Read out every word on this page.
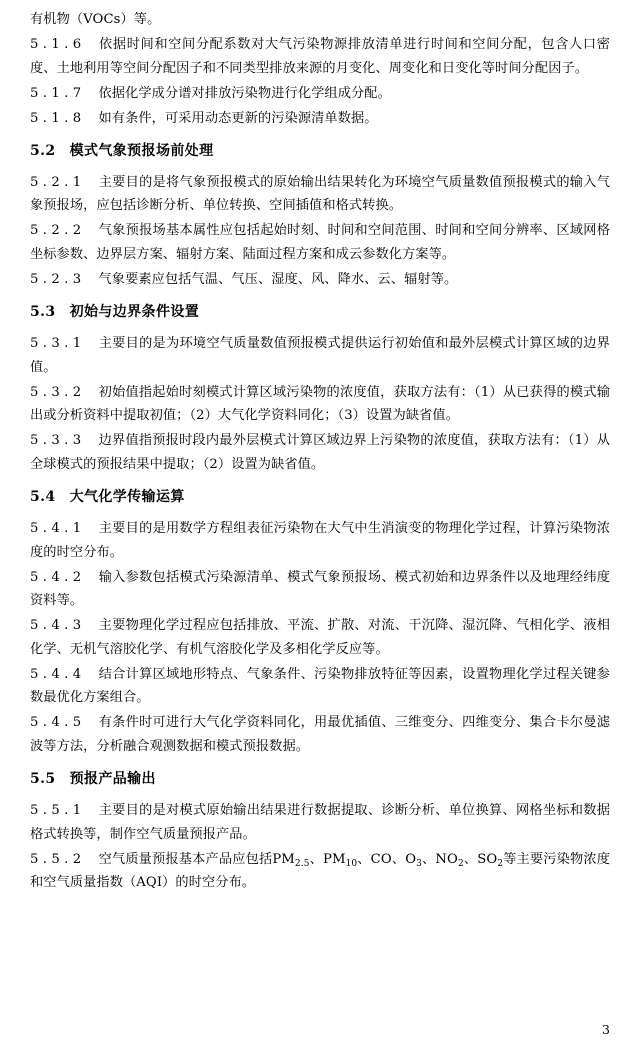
有机物（VOCs）等。
5 . 1 . 6　依据时间和空间分配系数对大气污染物源排放清单进行时间和空间分配，包含人口密度、土地利用等空间分配因子和不同类型排放来源的月变化、周变化和日变化等时间分配因子。
5 . 1 . 7　依据化学成分谱对排放污染物进行化学组成分配。
5 . 1 . 8　如有条件，可采用动态更新的污染源清单数据。
5.2 模式气象预报场前处理
5 . 2 . 1　主要目的是将气象预报模式的原始输出结果转化为环境空气质量数值预报模式的输入气象预报场，应包括诊断分析、单位转换、空间插值和格式转换。
5 . 2 . 2　气象预报场基本属性应包括起始时刻、时间和空间范围、时间和空间分辨率、区域网格坐标参数、边界层方案、辐射方案、陆面过程方案和成云参数化方案等。
5 . 2 . 3　气象要素应包括气温、气压、湿度、风、降水、云、辐射等。
5.3 初始与边界条件设置
5 . 3 . 1　主要目的是为环境空气质量数值预报模式提供运行初始值和最外层模式计算区域的边界值。
5 . 3 . 2　初始值指起始时刻模式计算区域污染物的浓度值，获取方法有：（1）从已获得的模式输出或分析资料中提取初值；（2）大气化学资料同化；（3）设置为缺省值。
5 . 3 . 3　边界值指预报时段内最外层模式计算区域边界上污染物的浓度值，获取方法有：（1）从全球模式的预报结果中提取；（2）设置为缺省值。
5.4 大气化学传输运算
5 . 4 . 1　主要目的是用数学方程组表征污染物在大气中生消演变的物理化学过程，计算污染物浓度的时空分布。
5 . 4 . 2　输入参数包括模式污染源清单、模式气象预报场、模式初始和边界条件以及地理经纬度资料等。
5 . 4 . 3　主要物理化学过程应包括排放、平流、扩散、对流、干沉降、湿沉降、气相化学、液相化学、无机气溶胶化学、有机气溶胶化学及多相化学反应等。
5 . 4 . 4　结合计算区域地形特点、气象条件、污染物排放特征等因素，设置物理化学过程关键参数最优化方案组合。
5 . 4 . 5　有条件时可进行大气化学资料同化，用最优插值、三维变分、四维变分、集合卡尔曼滤波等方法，分析融合观测数据和模式预报数据。
5.5 预报产品输出
5 . 5 . 1　主要目的是对模式原始输出结果进行数据提取、诊断分析、单位换算、网格坐标和数据格式转换等，制作空气质量预报产品。
5 . 5 . 2　空气质量预报基本产品应包括$PM_{2.5}$、$PM_{10}$、CO、$O_3$、$NO_2$、$SO_2$等主要污染物浓度和空气质量指数（AQI）的时空分布。
3
